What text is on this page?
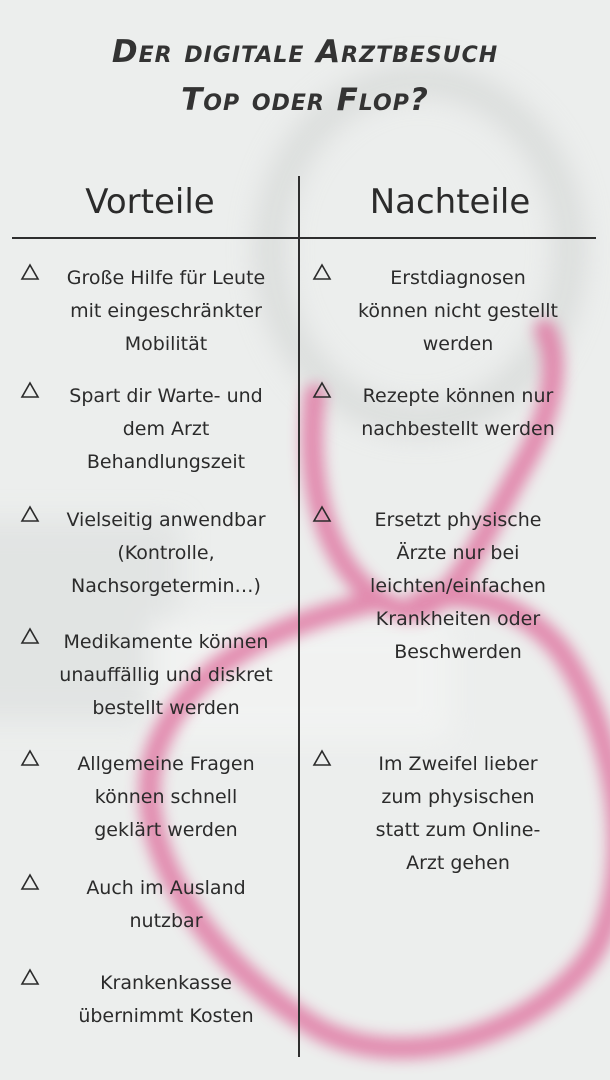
Der digitale Arztbesuch
Top oder Flop?
Vorteile	Nachteile
Große Hilfe für Leute
mit eingeschränkter
Mobilität
Spart dir Warte- und
dem Arzt
Behandlungszeit
Vielseitig anwendbar
(Kontrolle,
Nachsorgetermin…)
Medikamente können
unauffällig und diskret
bestellt werden
Allgemeine Fragen
können schnell
geklärt werden
Auch im Ausland
nutzbar
Krankenkasse
übernimmt Kosten
Erstdiagnosen
können nicht gestellt
werden
Rezepte können nur
nachbestellt werden
Ersetzt physische
Ärzte nur bei
leichten/einfachen
Krankheiten oder
Beschwerden
Im Zweifel lieber
zum physischen
statt zum Online-
Arzt gehen
